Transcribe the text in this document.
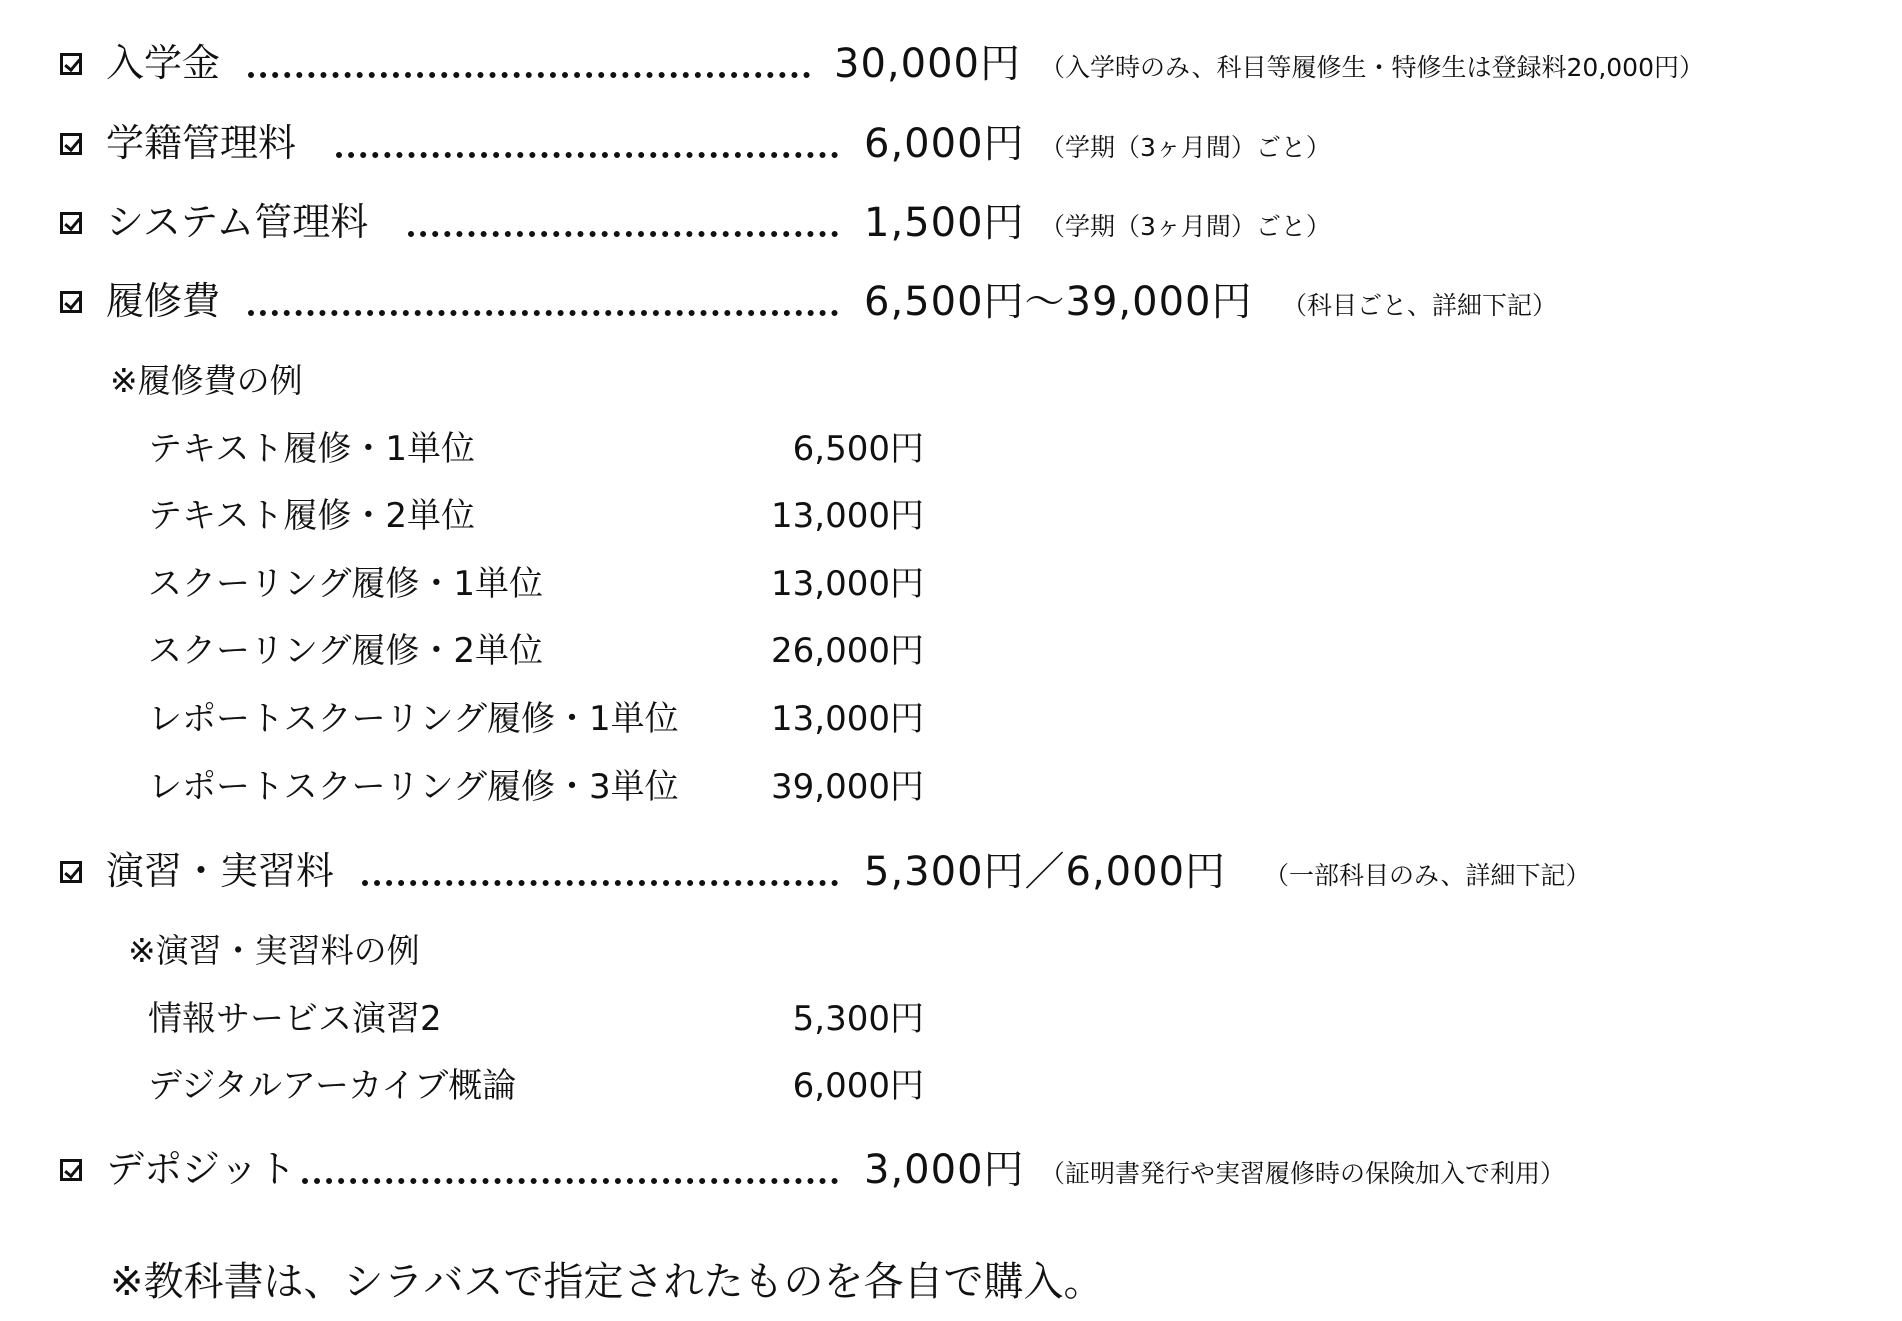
入学金	30,000円 （入学時のみ、科目等履修生・特修生は登録料20,000円）
学籍管理料	6,000円 （学期（3ヶ月間）ごと）
システム管理料	1,500円 （学期（3ヶ月間）ごと）
履修費	6,500円～39,000円 （科目ごと、詳細下記）
※履修費の例
テキスト履修・1単位	6,500円
テキスト履修・2単位	13,000円
スクーリング履修・1単位	13,000円
スクーリング履修・2単位	26,000円
レポートスクーリング履修・1単位	13,000円
レポートスクーリング履修・3単位	39,000円
演習・実習料	5,300円／6,000円 （一部科目のみ、詳細下記）
※演習・実習料の例
情報サービス演習2	5,300円
デジタルアーカイブ概論	6,000円
デポジット	3,000円 （証明書発行や実習履修時の保険加入で利用）
※教科書は、シラバスで指定されたものを各自で購入。
